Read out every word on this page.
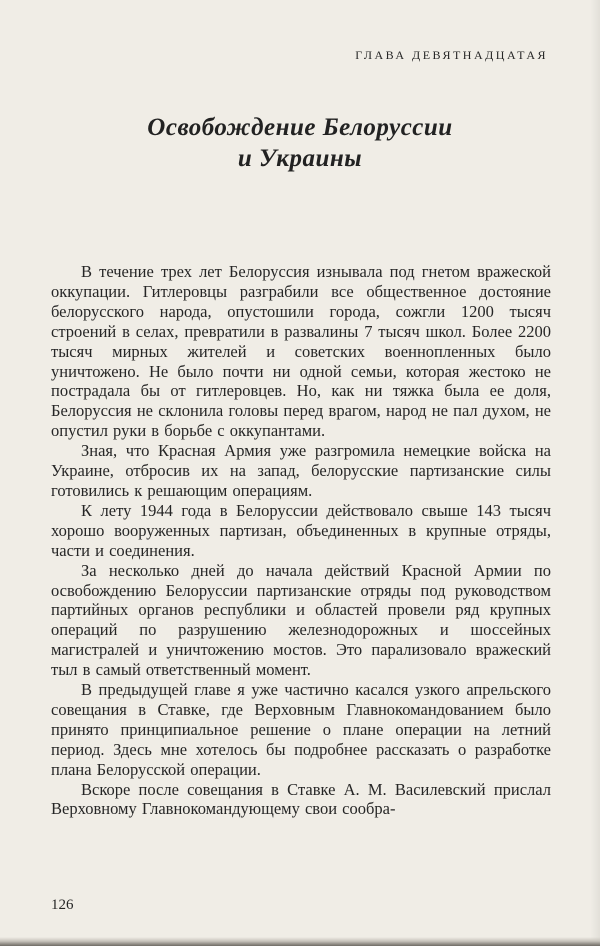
ГЛАВА ДЕВЯТНАДЦАТАЯ
Освобождение Белоруссии
и Украины

В течение трех лет Белоруссия изнывала под гнетом вражеской оккупации. Гитлеровцы разграбили все общественное достояние белорусского народа, опустошили города, сожгли 1200 тысяч строений в селах, превратили в развалины 7 тысяч школ. Более 2200 тысяч мирных жителей и советских военнопленных было уничтожено. Не было почти ни одной семьи, которая жестоко не пострадала бы от гитлеровцев. Но, как ни тяжка была ее доля, Белоруссия не склонила головы перед врагом, народ не пал духом, не опустил руки в борьбе с оккупантами.

Зная, что Красная Армия уже разгромила немецкие войска на Украине, отбросив их на запад, белорусские партизанские силы готовились к решающим операциям.

К лету 1944 года в Белоруссии действовало свыше 143 тысяч хорошо вооруженных партизан, объединенных в крупные отряды, части и соединения.

За несколько дней до начала действий Красной Армии по освобождению Белоруссии партизанские отряды под руководством партийных органов республики и областей провели ряд крупных операций по разрушению железнодорожных и шоссейных магистралей и уничтожению мостов. Это парализовало вражеский тыл в самый ответственный момент.

В предыдущей главе я уже частично касался узкого апрельского совещания в Ставке, где Верховным Главнокомандованием было принято принципиальное решение о плане операции на летний период. Здесь мне хотелось бы подробнее рассказать о разработке плана Белорусской операции.

Вскоре после совещания в Ставке А. М. Василевский прислал Верховному Главнокомандующему свои сообра-

126
